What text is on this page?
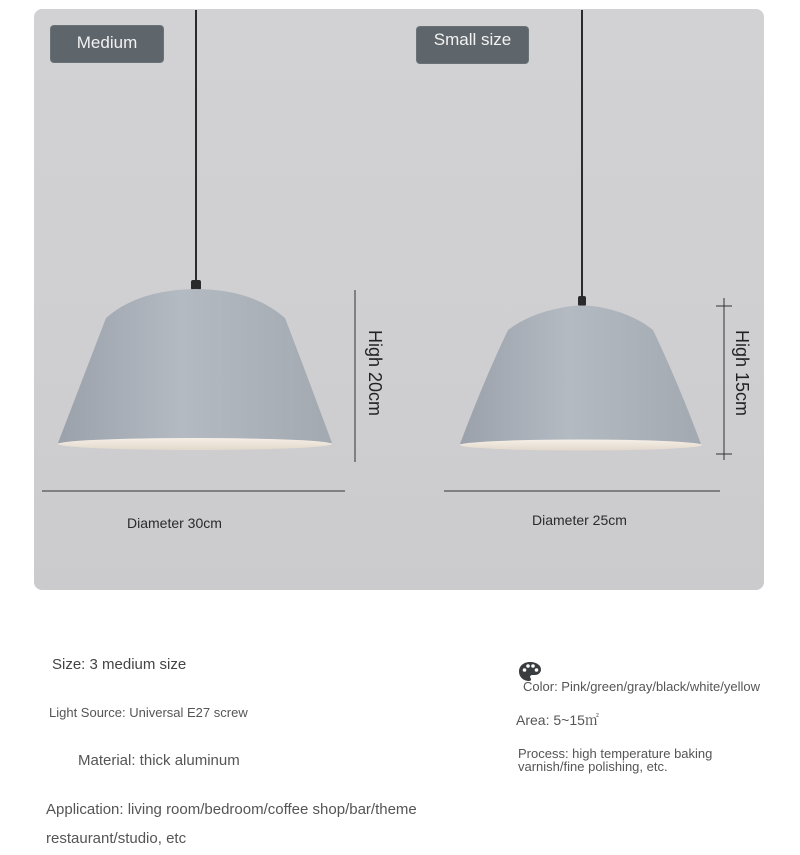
Medium	Small size
Diameter 30cm
High 20cm
Diameter 25cm
High 15cm
Size: 3 medium size
Light Source: Universal E27 screw
Material: thick aluminum
Application: living room/bedroom/coffee shop/bar/theme restaurant/studio, etc
Color: Pink/green/gray/black/white/yellow
Area: 5~15㎡
Process: high temperature baking varnish/fine polishing, etc.
